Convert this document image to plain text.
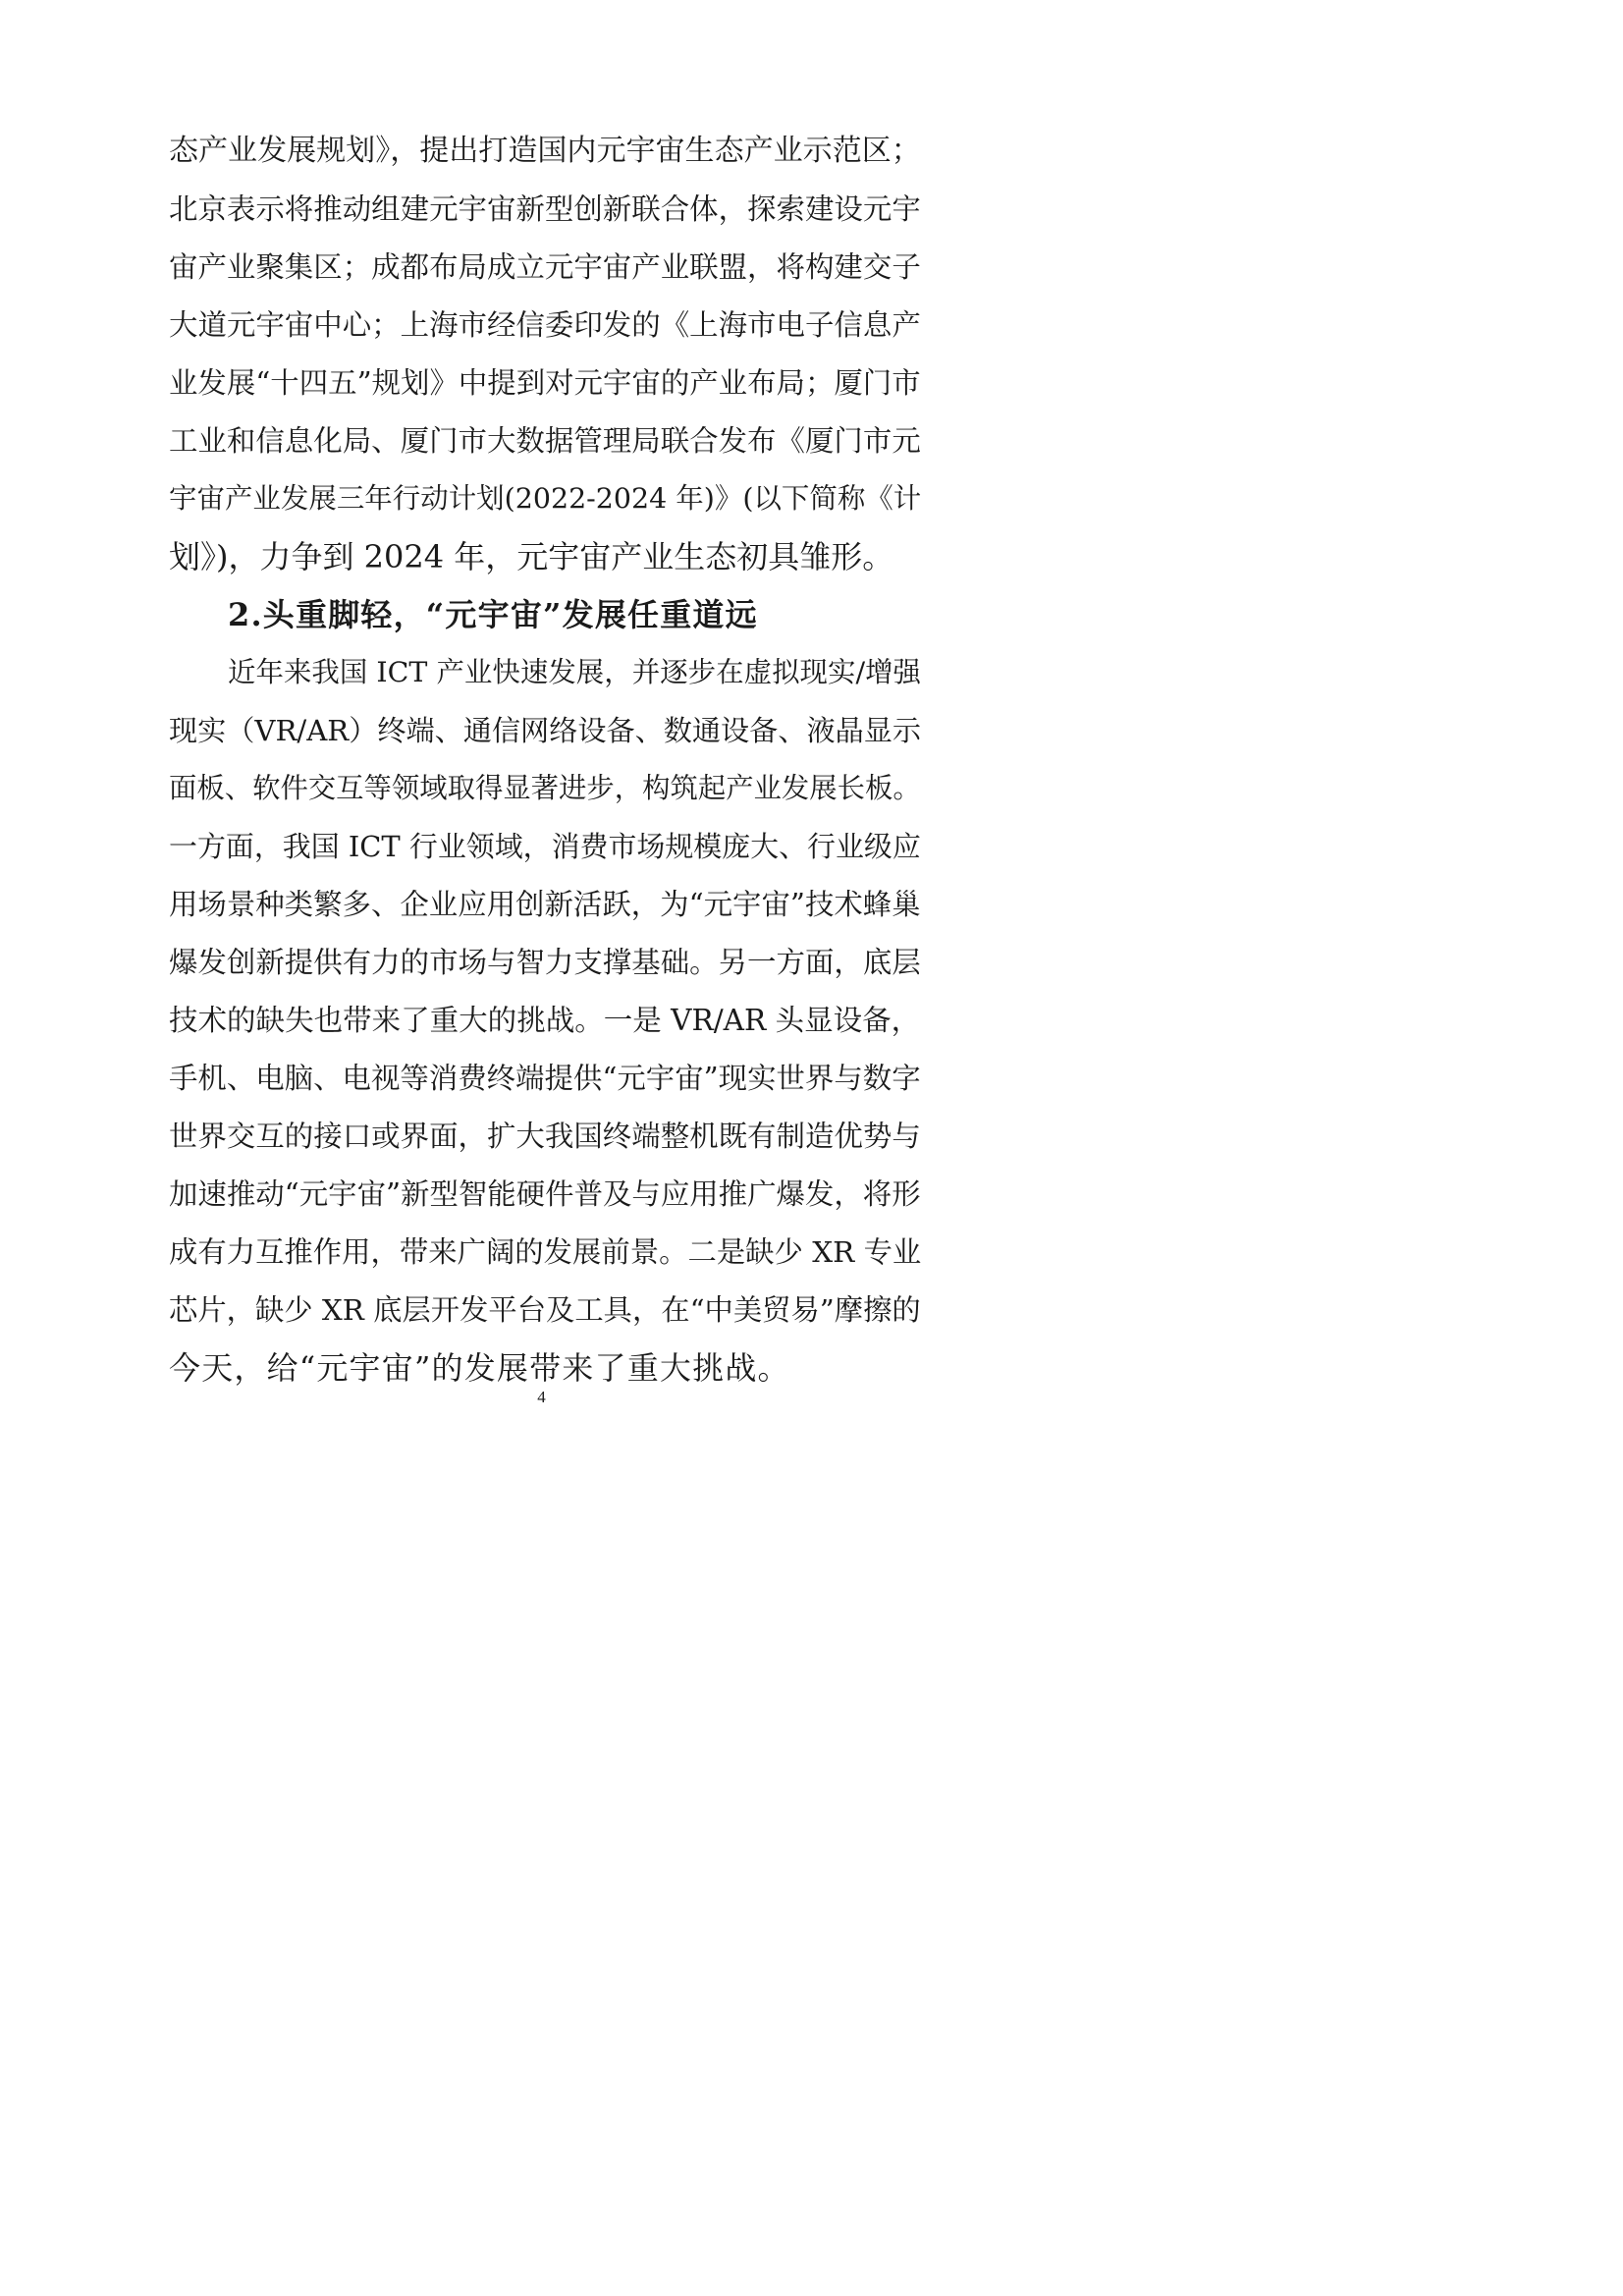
态产业发展规划》，提出打造国内元宇宙生态产业示范区；
北京表示将推动组建元宇宙新型创新联合体，探索建设元宇
宙产业聚集区；成都布局成立元宇宙产业联盟，将构建交子
大道元宇宙中心；上海市经信委印发的《上海市电子信息产
业发展“十四五”规划》中提到对元宇宙的产业布局；厦门市
工业和信息化局、厦门市大数据管理局联合发布《厦门市元
宇宙产业发展三年行动计划(2022-2024 年)》(以下简称《计
划》)，力争到 2024 年，元宇宙产业生态初具雏形。
2.头重脚轻，“元宇宙”发展任重道远
近年来我国 ICT 产业快速发展，并逐步在虚拟现实/增强
现实（VR/AR）终端、通信网络设备、数通设备、液晶显示
面板、软件交互等领域取得显著进步，构筑起产业发展长板。
一方面，我国 ICT 行业领域，消费市场规模庞大、行业级应
用场景种类繁多、企业应用创新活跃，为“元宇宙”技术蜂巢
爆发创新提供有力的市场与智力支撑基础。另一方面，底层
技术的缺失也带来了重大的挑战。一是 VR/AR 头显设备，
手机、电脑、电视等消费终端提供“元宇宙”现实世界与数字
世界交互的接口或界面，扩大我国终端整机既有制造优势与
加速推动“元宇宙”新型智能硬件普及与应用推广爆发，将形
成有力互推作用，带来广阔的发展前景。二是缺少 XR 专业
芯片，缺少 XR 底层开发平台及工具，在“中美贸易”摩擦的
今天，给“元宇宙”的发展带来了重大挑战。
4
